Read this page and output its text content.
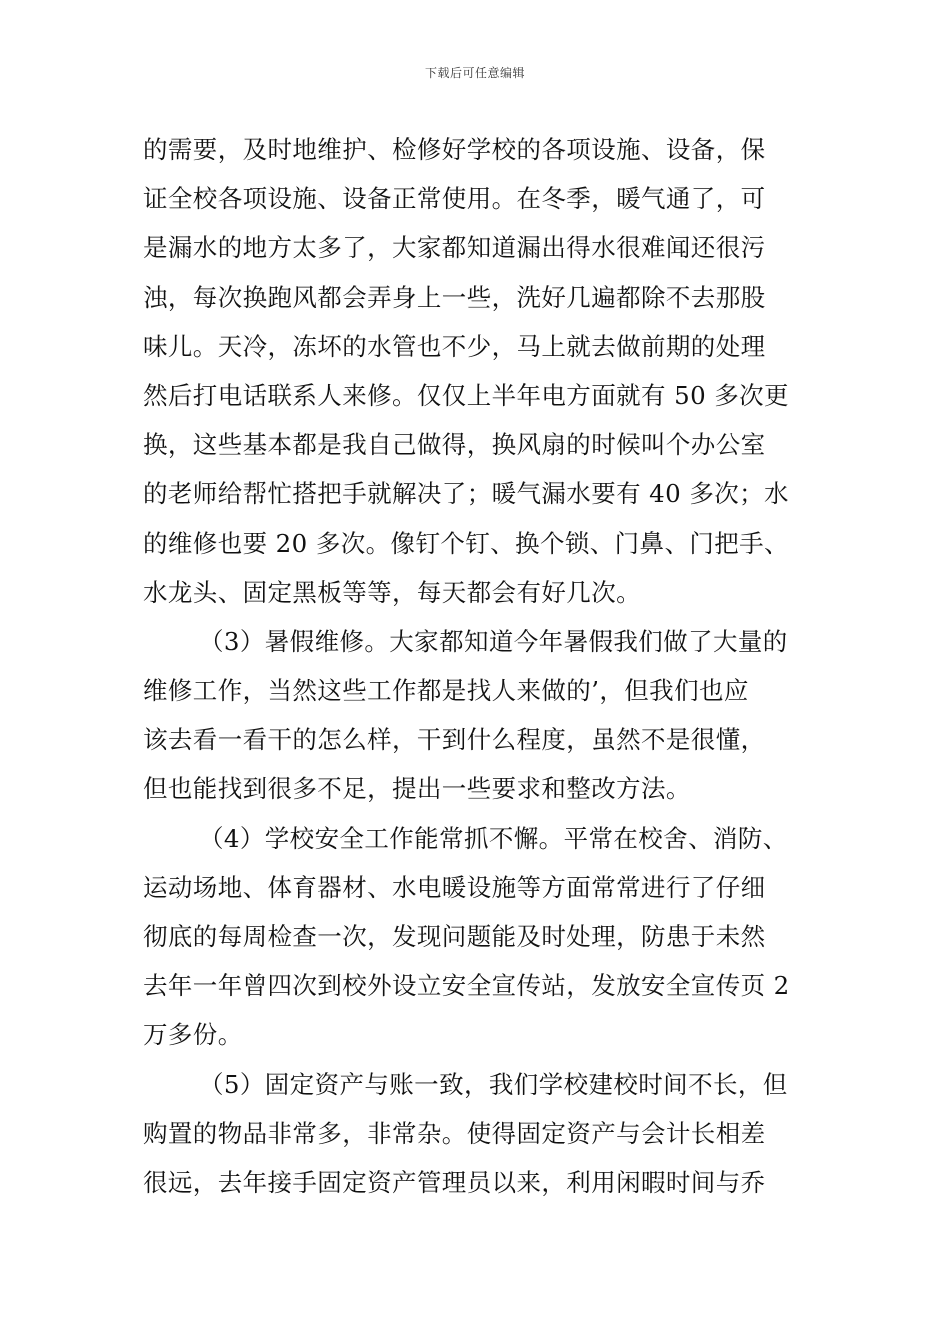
下载后可任意编辑
的需要，及时地维护、检修好学校的各项设施、设备，保
证全校各项设施、设备正常使用。在冬季，暖气通了，可
是漏水的地方太多了，大家都知道漏出得水很难闻还很污
浊，每次换跑风都会弄身上一些，洗好几遍都除不去那股
味儿。天冷，冻坏的水管也不少，马上就去做前期的处理
然后打电话联系人来修。仅仅上半年电方面就有 50 多次更
换，这些基本都是我自己做得，换风扇的时候叫个办公室
的老师给帮忙搭把手就解决了；暖气漏水要有 40 多次；水
的维修也要 20 多次。像钉个钉、换个锁、门鼻、门把手、
水龙头、固定黑板等等，每天都会有好几次。
（3）暑假维修。大家都知道今年暑假我们做了大量的
维修工作，当然这些工作都是找人来做的’，但我们也应
该去看一看干的怎么样，干到什么程度，虽然不是很懂，
但也能找到很多不足，提出一些要求和整改方法。
（4）学校安全工作能常抓不懈。平常在校舍、消防、
运动场地、体育器材、水电暖设施等方面常常进行了仔细
彻底的每周检查一次，发现问题能及时处理，防患于未然
去年一年曾四次到校外设立安全宣传站，发放安全宣传页 2
万多份。
（5）固定资产与账一致，我们学校建校时间不长，但
购置的物品非常多，非常杂。使得固定资产与会计长相差
很远，去年接手固定资产管理员以来，利用闲暇时间与乔
